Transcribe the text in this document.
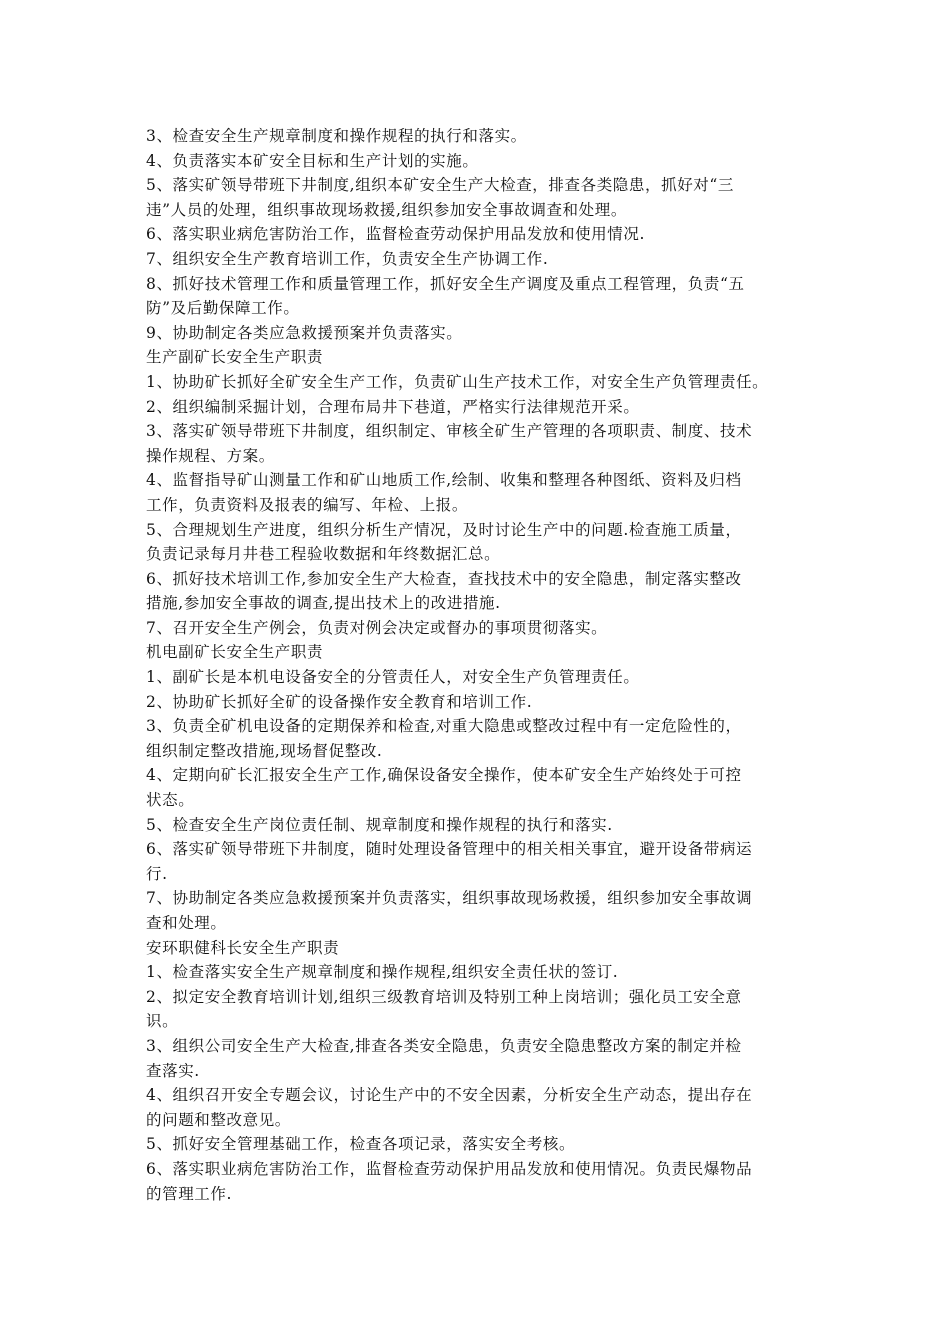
3、检查安全生产规章制度和操作规程的执行和落实。
4、负责落实本矿安全目标和生产计划的实施。
5、落实矿领导带班下井制度,组织本矿安全生产大检查，排查各类隐患，抓好对“三
违”人员的处理，组织事故现场救援,组织参加安全事故调查和处理。
6、落实职业病危害防治工作，监督检查劳动保护用品发放和使用情况.
7、组织安全生产教育培训工作，负责安全生产协调工作.
8、抓好技术管理工作和质量管理工作，抓好安全生产调度及重点工程管理，负责“五
防”及后勤保障工作。
9、协助制定各类应急救援预案并负责落实。
生产副矿长安全生产职责
1、协助矿长抓好全矿安全生产工作，负责矿山生产技术工作，对安全生产负管理责任。
2、组织编制采掘计划，合理布局井下巷道，严格实行法律规范开采。
3、落实矿领导带班下井制度，组织制定、审核全矿生产管理的各项职责、制度、技术
操作规程、方案。
4、监督指导矿山测量工作和矿山地质工作,绘制、收集和整理各种图纸、资料及归档
工作，负责资料及报表的编写、年检、上报。
5、合理规划生产进度，组织分析生产情况，及时讨论生产中的问题.检查施工质量，
负责记录每月井巷工程验收数据和年终数据汇总。
6、抓好技术培训工作,参加安全生产大检查，查找技术中的安全隐患，制定落实整改
措施,参加安全事故的调查,提出技术上的改进措施.
7、召开安全生产例会，负责对例会决定或督办的事项贯彻落实。
机电副矿长安全生产职责
1、副矿长是本机电设备安全的分管责任人，对安全生产负管理责任。
2、协助矿长抓好全矿的设备操作安全教育和培训工作.
3、负责全矿机电设备的定期保养和检查,对重大隐患或整改过程中有一定危险性的，
组织制定整改措施,现场督促整改.
4、定期向矿长汇报安全生产工作,确保设备安全操作，使本矿安全生产始终处于可控
状态。
5、检查安全生产岗位责任制、规章制度和操作规程的执行和落实.
6、落实矿领导带班下井制度，随时处理设备管理中的相关相关事宜，避开设备带病运
行.
7、协助制定各类应急救援预案并负责落实，组织事故现场救援，组织参加安全事故调
查和处理。
安环职健科长安全生产职责
1、检查落实安全生产规章制度和操作规程,组织安全责任状的签订.
2、拟定安全教育培训计划,组织三级教育培训及特别工种上岗培训；强化员工安全意
识。
3、组织公司安全生产大检查,排查各类安全隐患，负责安全隐患整改方案的制定并检
查落实.
4、组织召开安全专题会议，讨论生产中的不安全因素，分析安全生产动态，提出存在
的问题和整改意见。
5、抓好安全管理基础工作，检查各项记录，落实安全考核。
6、落实职业病危害防治工作，监督检查劳动保护用品发放和使用情况。负责民爆物品
的管理工作.
